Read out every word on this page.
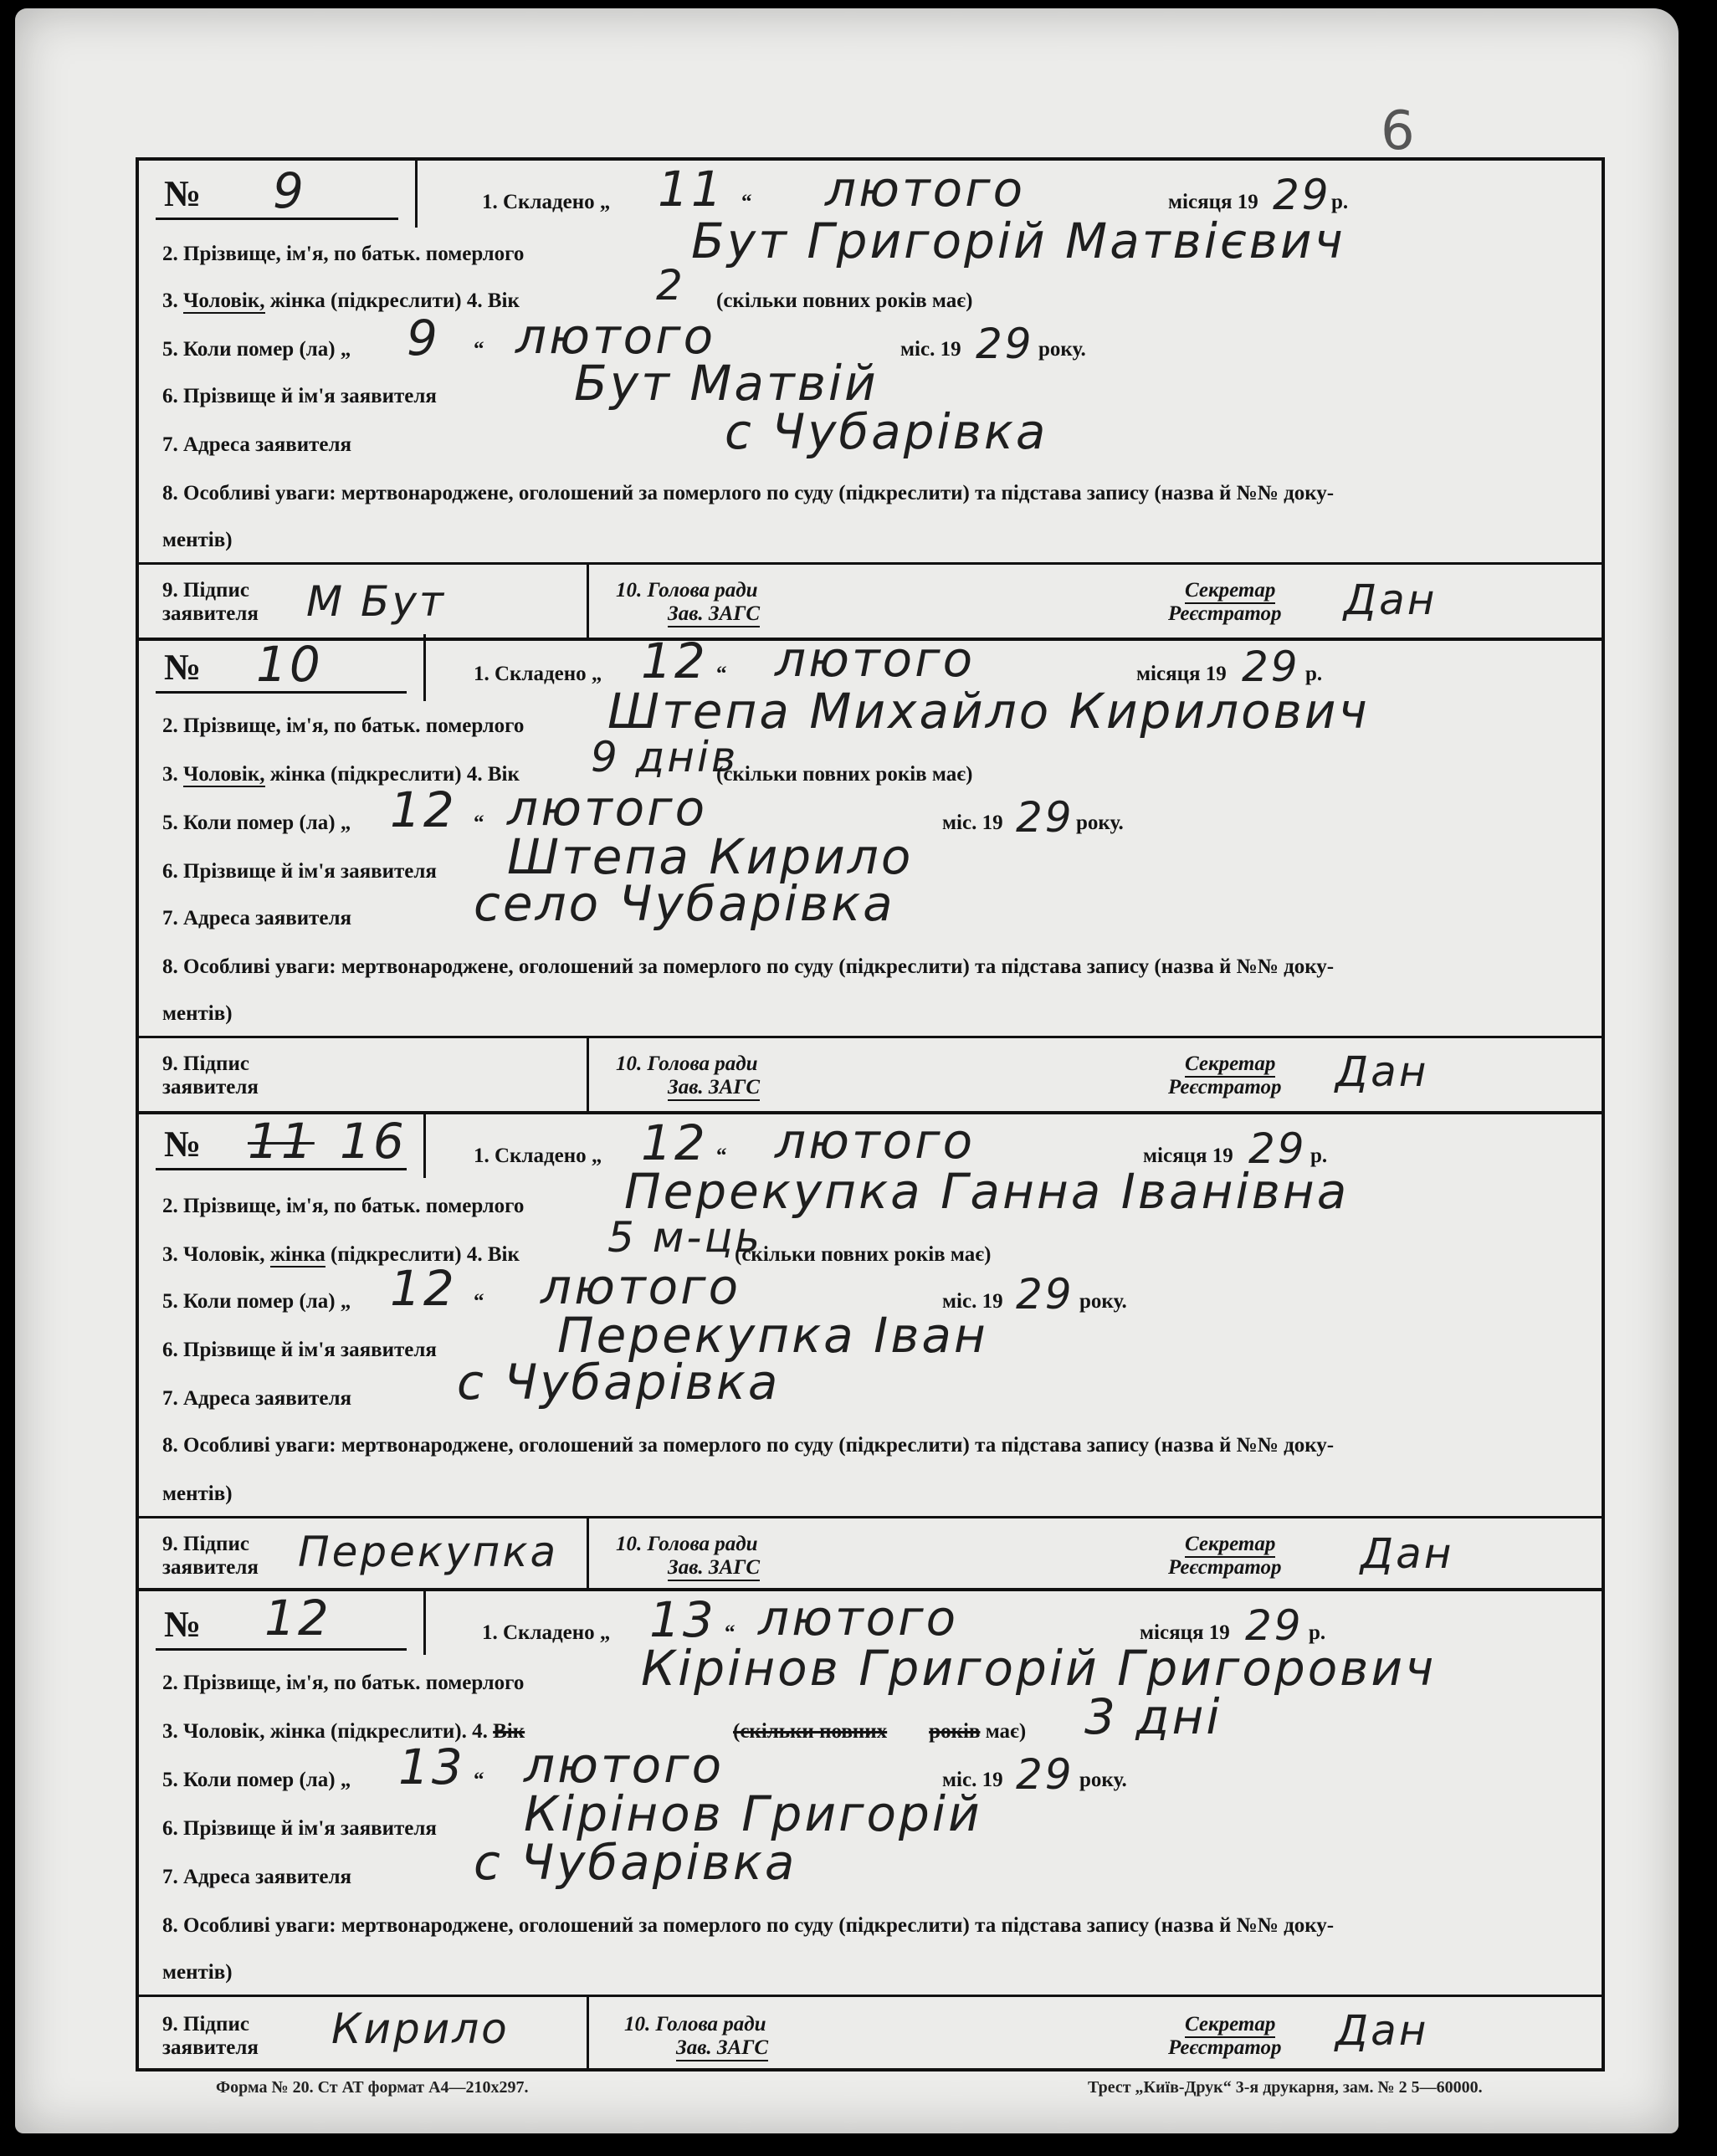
6
№ 9	1. Складено „ 11 “ лютого	місяця 19 29 р.
2. Прізвище, ім'я, по батьк. померлого	Бут Григорій Матвієвич
3. Чоловік, жінка (підкреслити) 4. Вік	2 (скільки повних років має)
5. Коли помер (ла) „ 9 “ лютого	міс. 19 29 року.
6. Прізвище й ім'я заявителя	Бут Матвій
7. Адреса заявителя	с Чубарівка
8. Особливі уваги: мертвонароджене, оголошений за померлого по суду (підкреслити) та підстава запису (назва й №№ доку-
ментів)
9. Підпис
заявителя М Бут	10. Голова ради
Зав. ЗАГС
Секретар
Реєстратор Дан
№ 10	1. Складено „ 12 “ лютого	місяця 19 29 р.
2. Прізвище, ім'я, по батьк. померлого Штепа Михайло Кирилович
3. Чоловік, жінка (підкреслити) 4. Вік 9 днів
(скільки повних років має)
5. Коли помер (ла) „ 12 “ лютого	міс. 19 29 року.
6. Прізвище й ім'я заявителя Штепа Кирило
7. Адреса заявителя	село Чубарівка
8. Особливі уваги: мертвонароджене, оголошений за померлого по суду (підкреслити) та підстава запису (назва й №№ доку-
ментів)
9. Підпис
заявителя
10. Голова ради
Зав. ЗАГС
Секретар
Реєстратор Дан
№ 11 16	1. Складено „ 12 “ лютого	місяця 19 29 р.
2. Прізвище, ім'я, по батьк. померлого Перекупка Ганна Іванівна
3. Чоловік, жінка (підкреслити) 4. Вік 5 м-ць
(скільки повних років має)
5. Коли помер (ла) „ 12 “ лютого	міс. 19 29 року.
6. Прізвище й ім'я заявителя Перекупка Іван
7. Адреса заявителя с Чубарівка
8. Особливі уваги: мертвонароджене, оголошений за померлого по суду (підкреслити) та підстава запису (назва й №№ доку-
ментів)
9. Підпис
заявителя Перекупка	10. Голова ради
Зав. ЗАГС
Секретар
Реєстратор Дан
№ 12	1. Складено „ 13 “ лютого	місяця 19 29 р.
2. Прізвище, ім'я, по батьк. померлого Кірінов Григорій Григорович
3. Чоловік, жінка (підкреслити). 4. Вік	(скільки повних років має) 3 дні
5. Коли помер (ла) „ 13 “ лютого	міс. 19 29 року.
6. Прізвище й ім'я заявителя Кірінов Григорій
7. Адреса заявителя	с Чубарівка
8. Особливі уваги: мертвонароджене, оголошений за померлого по суду (підкреслити) та підстава запису (назва й №№ доку-
ментів)
9. Підпис
заявителя Кирило	10. Голова ради
Зав. ЗАГС
Секретар
Реєстратор Дан
Форма № 20. Ст АТ формат А4—210х297.	Трест „Київ-Друк“ 3-я друкарня, зам. № 2 5—60000.
